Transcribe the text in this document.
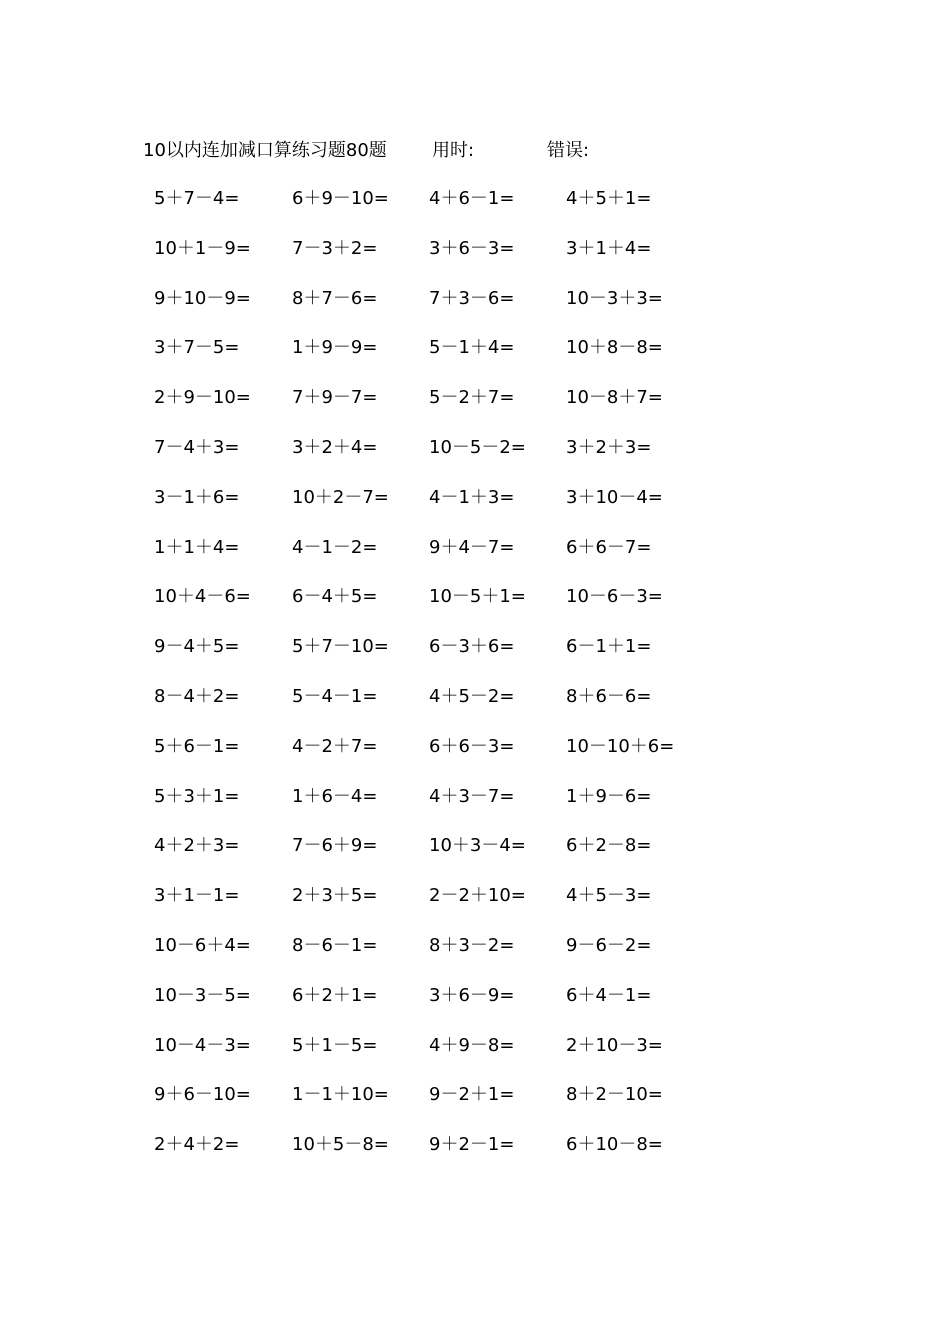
10以内连加减口算练习题80题	用时:	错误:
5＋7－4=	6＋9－10= 4＋6－1=	4＋5＋1=
10＋1－9= 7－3＋2=	3＋6－3=	3＋1＋4=
9＋10－9= 8＋7－6=	7＋3－6=	10－3＋3=
3＋7－5=	1＋9－9=	5－1＋4=	10＋8－8=
2＋9－10= 7＋9－7=	5－2＋7=	10－8＋7=
7－4＋3=	3＋2＋4=	10－5－2= 3＋2＋3=
3－1＋6=	10＋2－7= 4－1＋3=	3＋10－4=
1＋1＋4=	4－1－2=	9＋4－7=	6＋6－7=
10＋4－6= 6－4＋5=	10－5＋1= 10－6－3=
9－4＋5=	5＋7－10= 6－3＋6=	6－1＋1=
8－4＋2=	5－4－1=	4＋5－2=	8＋6－6=
5＋6－1=	4－2＋7=	6＋6－3=	10－10＋6=
5＋3＋1=	1＋6－4=	4＋3－7=	1＋9－6=
4＋2＋3=	7－6＋9=	10＋3－4= 6＋2－8=
3＋1－1=	2＋3＋5=	2－2＋10= 4＋5－3=
10－6＋4= 8－6－1=	8＋3－2=	9－6－2=
10－3－5= 6＋2＋1=	3＋6－9=	6＋4－1=
10－4－3= 5＋1－5=	4＋9－8=	2＋10－3=
9＋6－10= 1－1＋10= 9－2＋1=	8＋2－10=
2＋4＋2=	10＋5－8= 9＋2－1=	6＋10－8=
